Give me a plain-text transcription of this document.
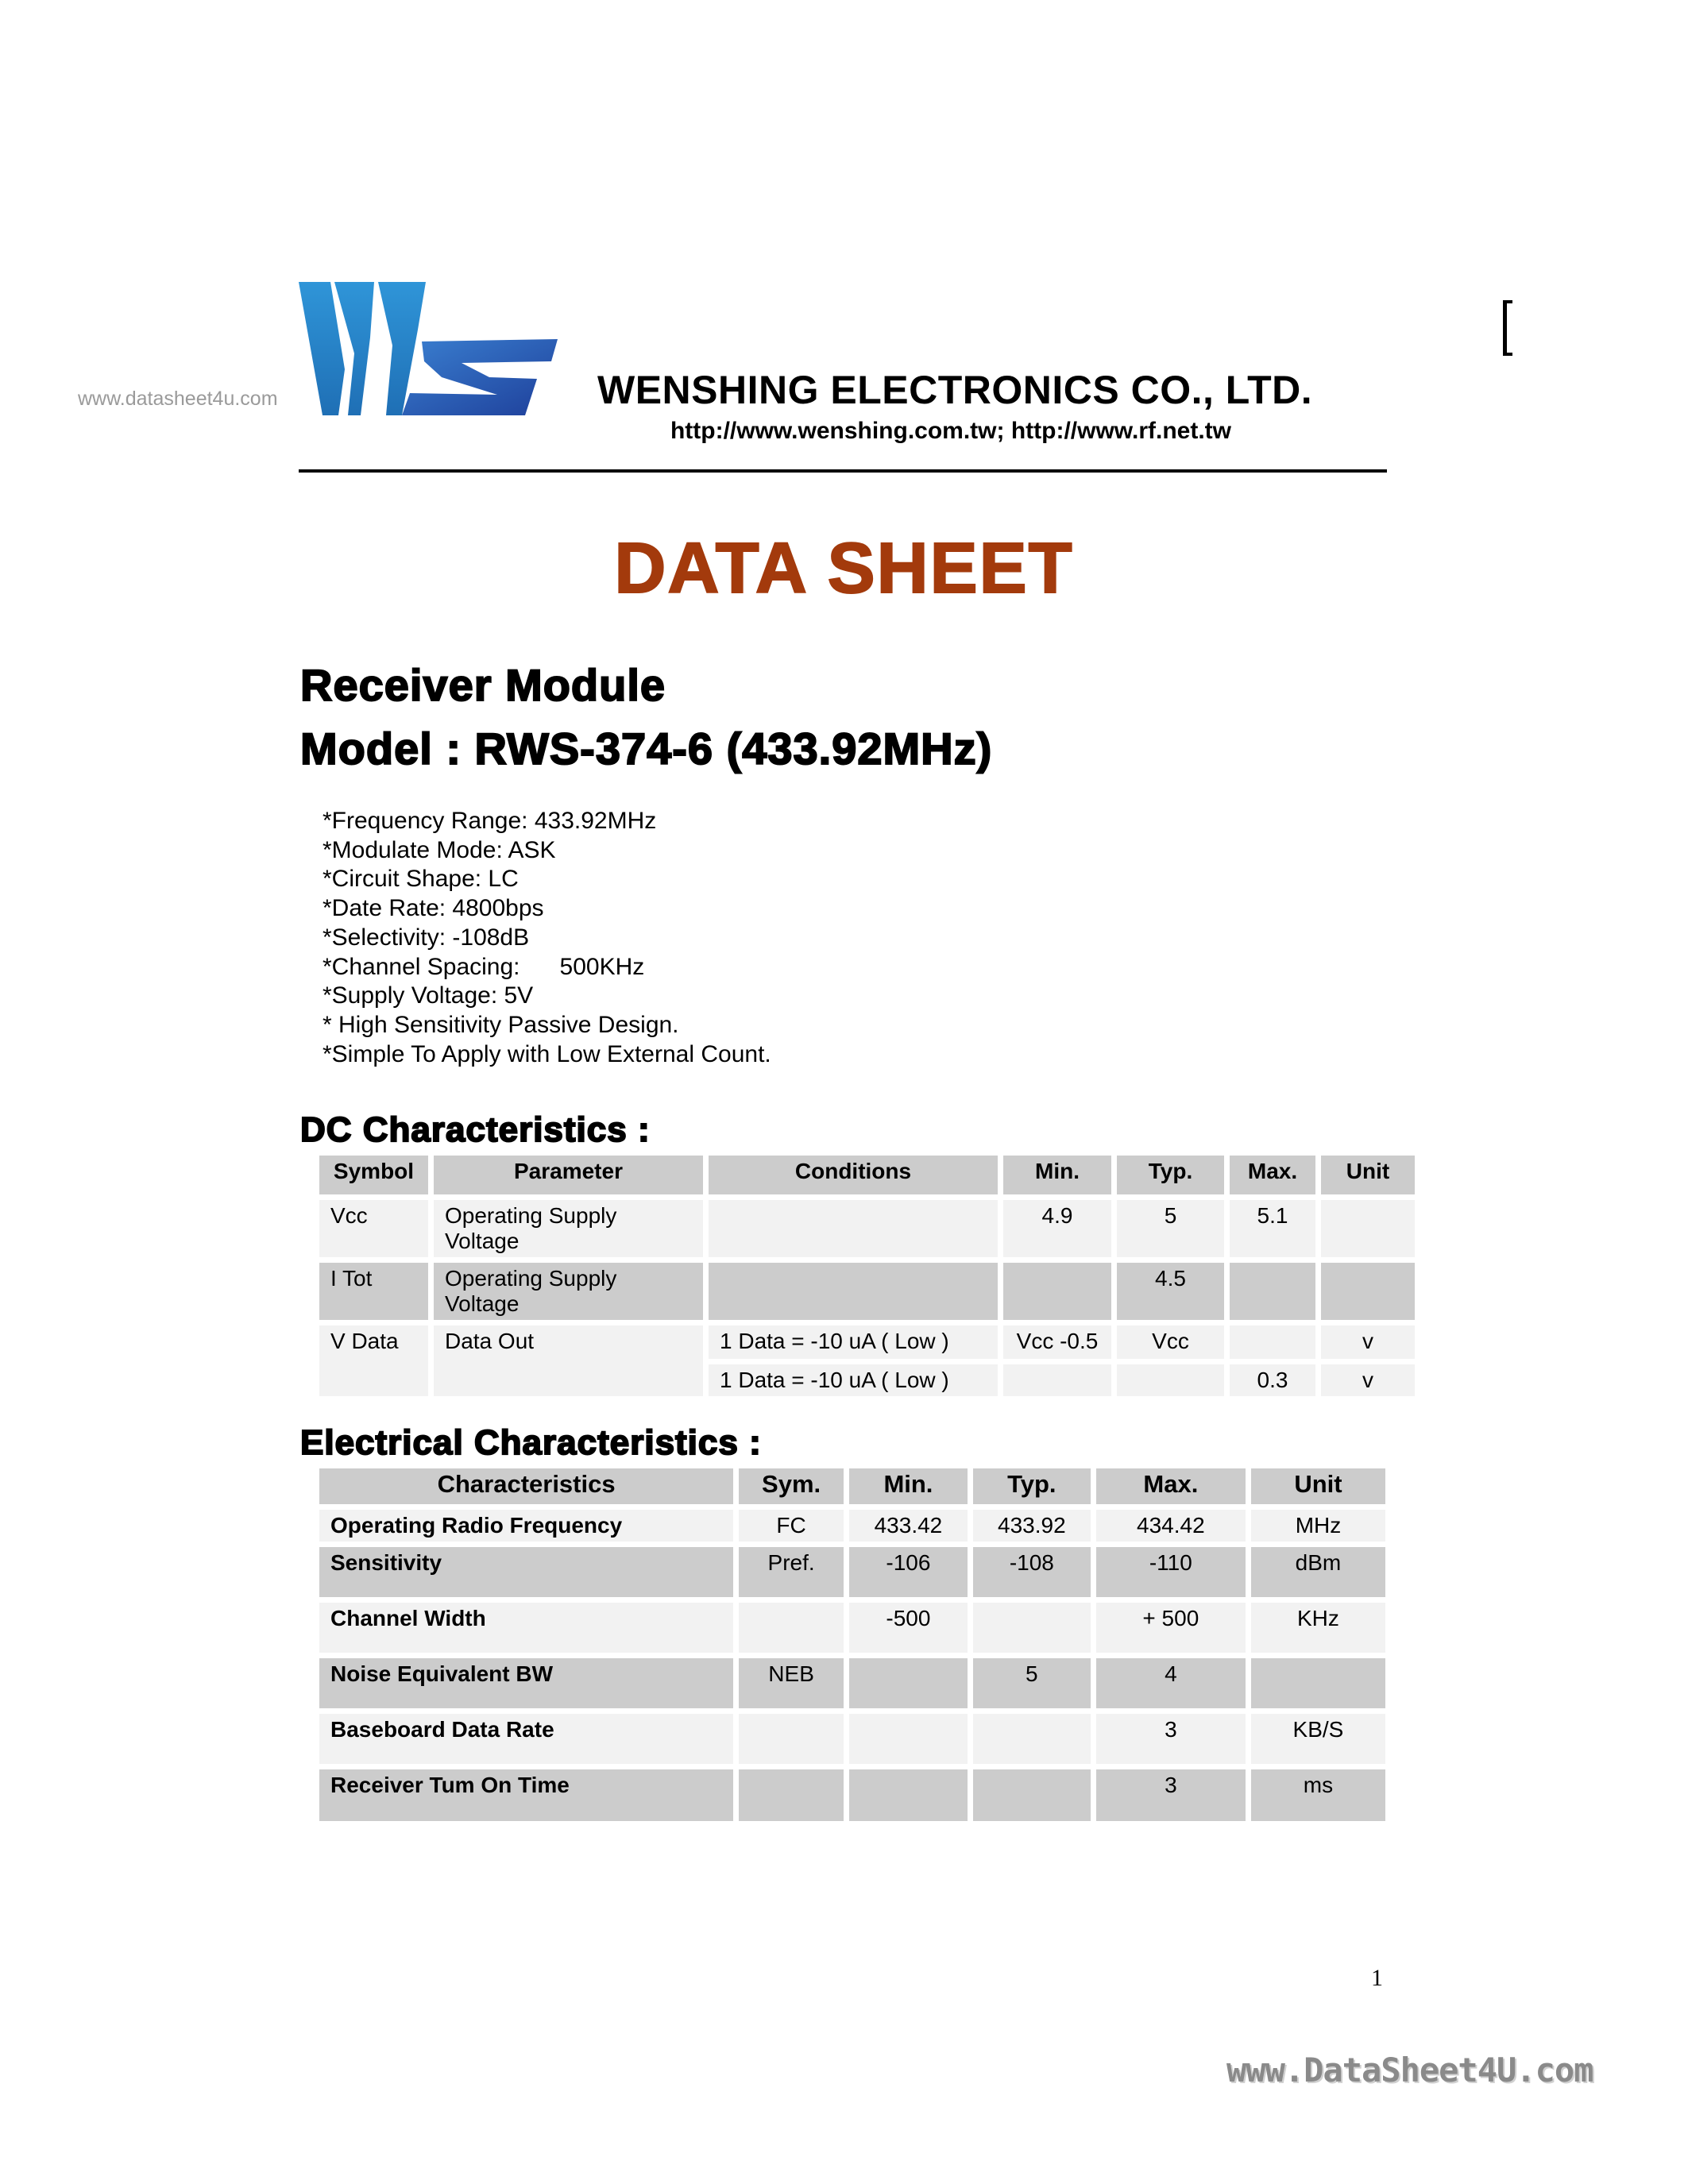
www.datasheet4u.com	WENSHING ELECTRONICS CO., LTD.
http://www.wenshing.com.tw; http://www.rf.net.tw
DATA SHEET
Receiver Module
Model : RWS-374-6 (433.92MHz)
*Frequency Range: 433.92MHz
*Modulate Mode: ASK
*Circuit Shape: LC
*Date Rate: 4800bps
*Selectivity: -108dB
*Channel Spacing:      500KHz
*Supply Voltage: 5V
* High Sensitivity Passive Design.
*Simple To Apply with Low External Count.
DC Characteristics :
Symbol	Parameter	Conditions	Min.	Typ.	Max.	Unit
Vcc	Operating Supply Voltage		4.9	5	5.1	
I Tot	Operating Supply Voltage			4.5		
V Data	Data Out	1 Data = -10 uA ( Low )	Vcc -0.5	Vcc		v
		1 Data = -10 uA ( Low )			0.3	v
Electrical Characteristics :
Characteristics	Sym.	Min.	Typ.	Max.	Unit
Operating Radio Frequency	FC	433.42	433.92	434.42	MHz
Sensitivity	Pref.	-106	-108	-110	dBm
Channel Width		-500		+ 500	KHz
Noise Equivalent BW	NEB		5	4	
Baseboard Data Rate				3	KB/S
Receiver Tum On Time				3	ms
1
www.DataSheet4U.com
